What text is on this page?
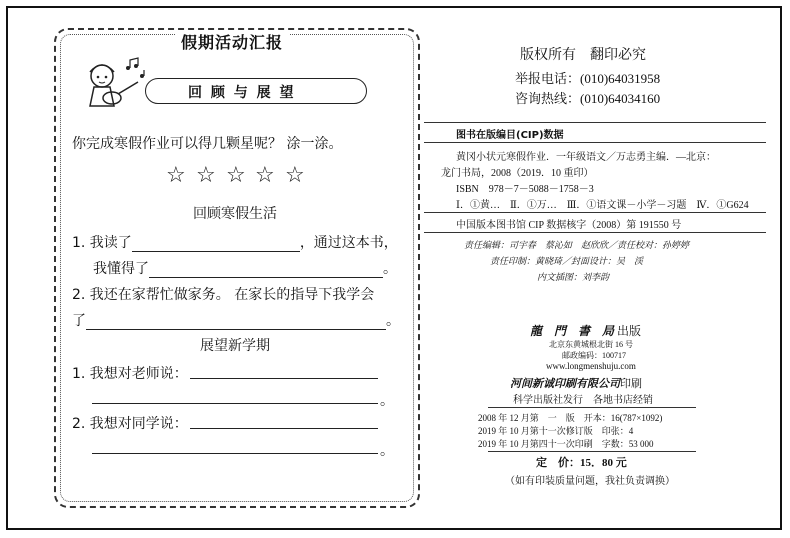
假期活动汇报
回 顾 与 展 望
你完成寒假作业可以得几颗星呢？ 涂一涂。
☆ ☆ ☆ ☆ ☆
回顾寒假生活
1. 我读了	，通过这本书，
我懂得了	。
2. 我还在家帮忙做家务。 在家长的指导下我学会
了	。
展望新学期
1. 我想对老师说：
。
2. 我想对同学说：
。
版权所有　翻印必究
举报电话：(010)64031958
咨询热线：(010)64034160
图书在版编目(CIP)数据
黄冈小状元寒假作业．一年级语文／万志勇主编．—北京：
龙门书局，2008（2019．10 重印）
ISBN　978－7－5088－1758－3
Ⅰ．①黄…　Ⅱ．①万…　Ⅲ．①语文课－小学－习题　Ⅳ．①G624
中国版本图书馆 CIP 数据核字（2008）第 191550 号
责任编辑：司宇春　蔡沁如　赵欣欣／责任校对：孙婷婷
责任印制：黄晓琦／封面设计：吴　渓
内文插图：刘李韵
龍　門　書　局 出版
北京东黄城根北街 16 号
邮政编码：100717
www.longmenshuju.com
河间新诚印刷有限公司印刷
科学出版社发行　各地书店经销
2008 年 12 月第　一　版　开本：16(787×1092)
2019 年 10 月第十一次修订版　印张：4
2019 年 10 月第四十一次印刷　字数：53 000
定　价：15．80 元
（如有印装质量问题，我社负责调换）
